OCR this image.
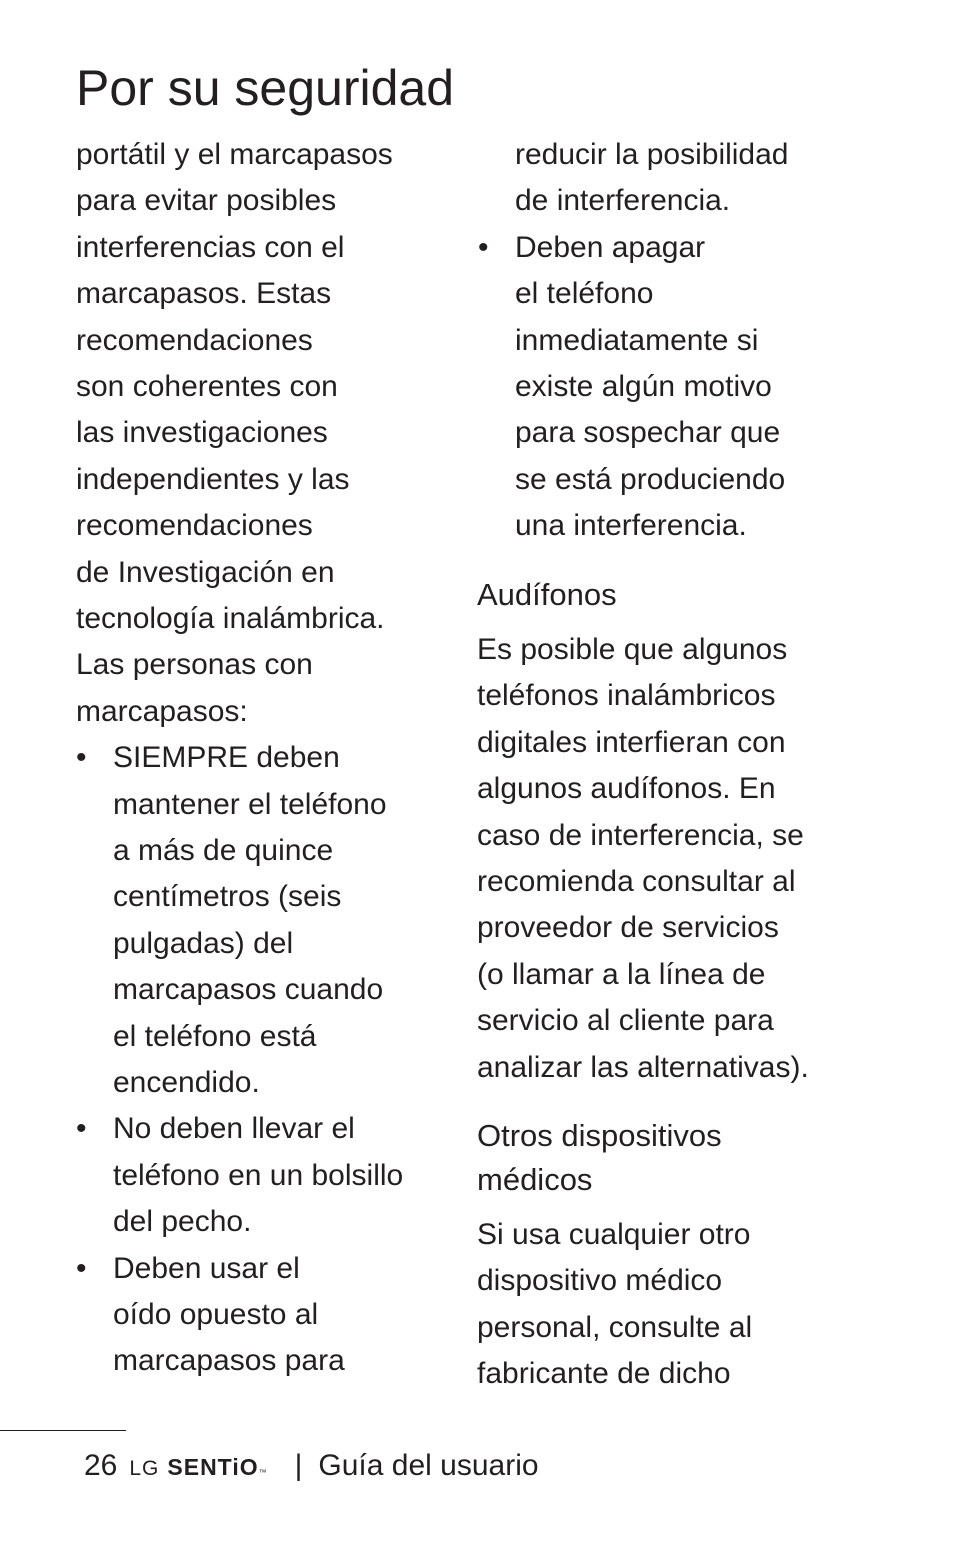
Por su seguridad
portátil y el marcapasos
para evitar posibles
interferencias con el
marcapasos. Estas
recomendaciones
son coherentes con
las investigaciones
independientes y las
recomendaciones
de Investigación en
tecnología inalámbrica.
Las personas con
marcapasos:
• SIEMPRE deben
mantener el teléfono
a más de quince
centímetros (seis
pulgadas) del
marcapasos cuando
el teléfono está
encendido.
• No deben llevar el
teléfono en un bolsillo
del pecho.
• Deben usar el
oído opuesto al
marcapasos para
reducir la posibilidad
de interferencia.
• Deben apagar
el teléfono
inmediatamente si
existe algún motivo
para sospechar que
se está produciendo
una interferencia.
Audífonos
Es posible que algunos
teléfonos inalámbricos
digitales interfieran con
algunos audífonos. En
caso de interferencia, se
recomienda consultar al
proveedor de servicios
(o llamar a la línea de
servicio al cliente para
analizar las alternativas).
Otros dispositivos
médicos
Si usa cualquier otro
dispositivo médico
personal, consulte al
fabricante de dicho
26 LG SENTiO ™ | Guía del usuario
